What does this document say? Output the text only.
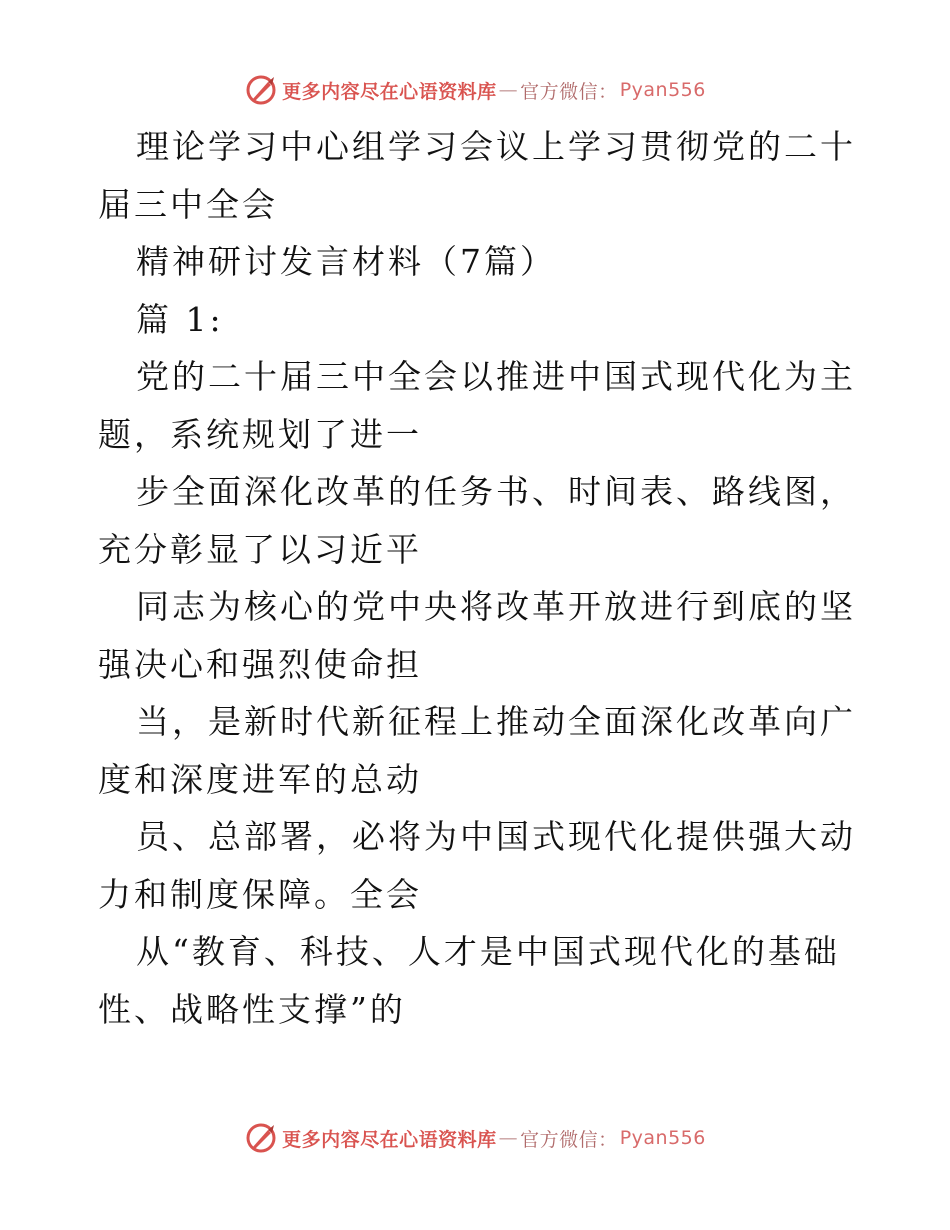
更多内容尽在心语资料库 — 官方微信： Pyan556

理论学习中心组学习会议上学习贯彻党的二十届三中全会

精神研讨发言材料（7篇）

篇 1:

党的二十届三中全会以推进中国式现代化为主题，系统规划了进一

步全面深化改革的任务书、时间表、路线图，充分彰显了以习近平

同志为核心的党中央将改革开放进行到底的坚强决心和强烈使命担

当，是新时代新征程上推动全面深化改革向广度和深度进军的总动

员、总部署，必将为中国式现代化提供强大动力和制度保障。全会

从“教育、科技、人才是中国式现代化的基础性、战略性支撑”的

更多内容尽在心语资料库 — 官方微信： Pyan556
